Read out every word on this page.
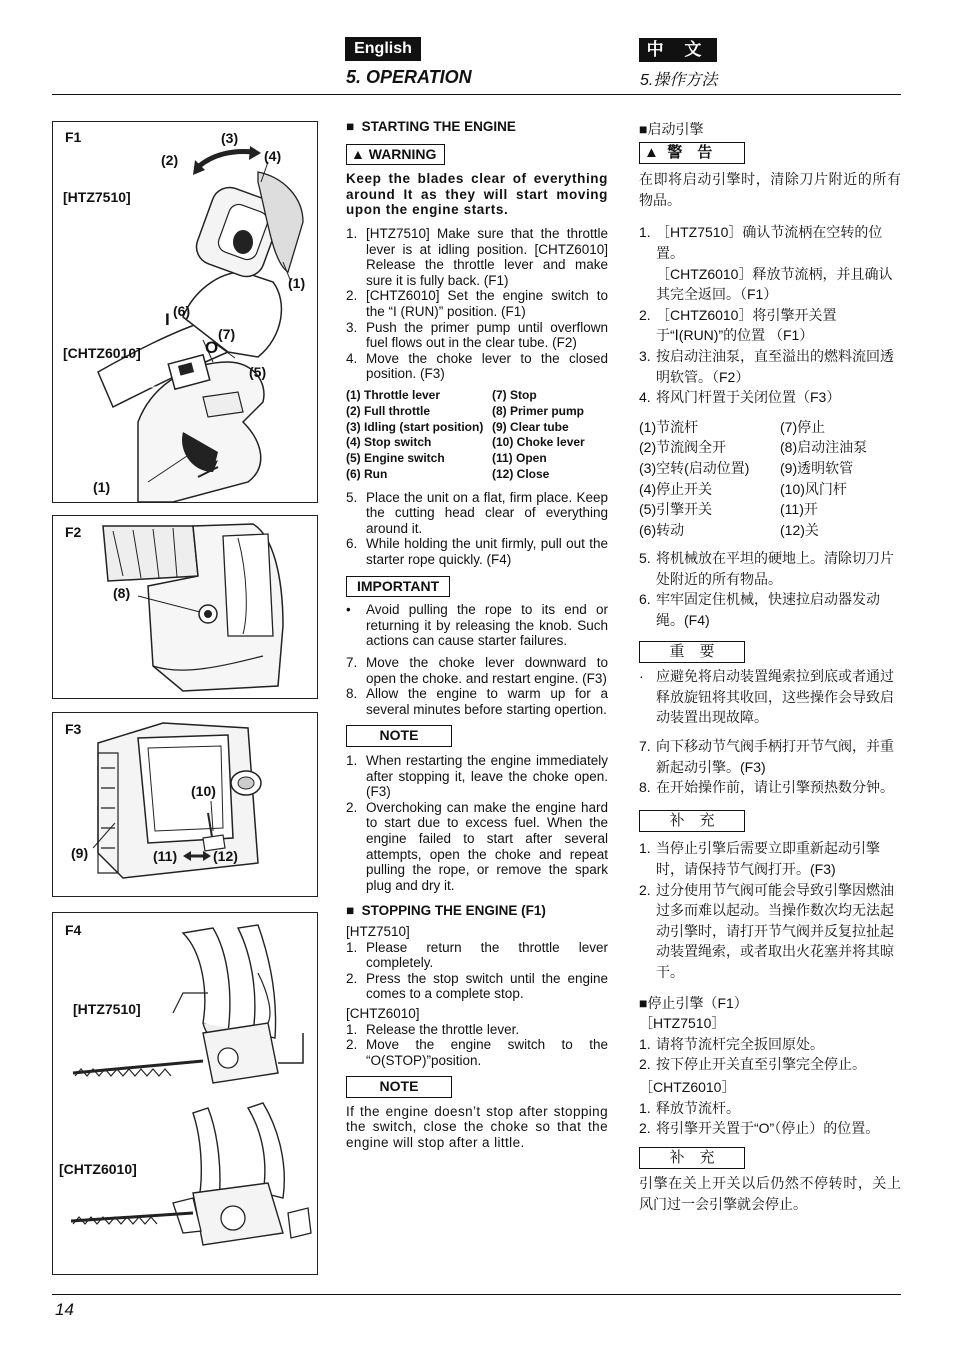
English	中 文
5. OPERATION	5.操作方法
F1
[HTZ7510]
[CHTZ6010]
(2)
(3)
(4)
(1)
I (6)
(7)
O
(5)
(1)
F2
(8)
F3
(10)
(9)	(11)	(12)
F4
[HTZ7510]
[CHTZ6010]
■  STARTING THE ENGINE
▲ WARNING

Keep the blades clear of everything around It as they will start moving upon the engine starts.

1. [HTZ7510] Make sure that the throttle lever is at idling position. [CHTZ6010] Release the throttle lever and make sure it is fully back. (F1)
2. [CHTZ6010] Set the engine switch to the “I (RUN)” position. (F1)
3. Push the primer pump until overflown fuel flows out in the clear tube. (F2)
4. Move the choke lever to the closed position. (F3)
(1) Throttle lever	(7) Stop
(2) Full throttle	(8) Primer pump
(3) Idling (start position) (9) Clear tube
(4) Stop switch	(10) Choke lever
(5) Engine switch	(11) Open
(6) Run	(12) Close
5. Place the unit on a flat, firm place. Keep the cutting head clear of everything around it.
6. While holding the unit firmly, pull out the starter rope quickly. (F4)
IMPORTANT
•	Avoid pulling the rope to its end or returning it by releasing the knob. Such actions can cause starter failures.
7. Move the choke lever downward to open the choke. and restart engine. (F3)
8. Allow the engine to warm up for a several minutes before starting opertion.
NOTE
1. When restarting the engine immediately after stopping it, leave the choke open. (F3)
2. Overchoking can make the engine hard to start due to excess fuel. When the engine failed to start after several attempts, open the choke and repeat pulling the rope, or remove the spark plug and dry it.
■  STOPPING THE ENGINE (F1)
[HTZ7510]
1. Please return the throttle lever completely.
2. Press the stop switch until the engine comes to a complete stop.
[CHTZ6010]
1. Release the throttle lever.
2. Move the engine switch to the “O(STOP)”position.
NOTE

If the engine doesn’t stop after stopping the switch, close the choke so that the engine will stop after a little.

■启动引擎
▲ 警　告

在即将启动引擎时，清除刀片附近的所有物品。

1. ［HTZ7510］确认节流柄在空转的位置。
［CHTZ6010］释放节流柄，并且确认其完全返回。（F1）
2. ［CHTZ6010］将引擎开关置于“Ⅰ(RUN)”的位置 （F1）
3. 按启动注油泵，直至溢出的燃料流回透明软管。（F2）
4. 将风门杆置于关闭位置（F3）
(1)节流杆	(7)停止
(2)节流阀全开	(8)启动注油泵
(3)空转(启动位置)	(9)透明软管
(4)停止开关	(10)风门杆
(5)引擎开关	(11)开
(6)转动	(12)关
5. 将机械放在平坦的硬地上。清除切刀片处附近的所有物品。
6. 牢牢固定住机械，快速拉启动器发动绳。(F4)
重　要
· 应避免将启动装置绳索拉到底或者通过释放旋钮将其收回，这些操作会导致启动装置出现故障。
7. 向下移动节气阀手柄打开节气阀，并重新起动引擎。(F3)
8. 在开始操作前，请让引擎预热数分钟。
补　充
1. 当停止引擎后需要立即重新起动引擎时，请保持节气阀打开。(F3)
2. 过分使用节气阀可能会导致引擎因燃油过多而难以起动。当操作数次均无法起动引擎时，请打开节气阀并反复拉扯起动装置绳索，或者取出火花塞并将其晾干。
■停止引擎（F1）
［HTZ7510］
1. 请将节流杆完全扳回原处。
2. 按下停止开关直至引擎完全停止。
［CHTZ6010］
1. 释放节流杆。
2. 将引擎开关置于“O”（停止）的位置。
补　充

引擎在关上开关以后仍然不停转时，关上风门过一会引擎就会停止。

14
